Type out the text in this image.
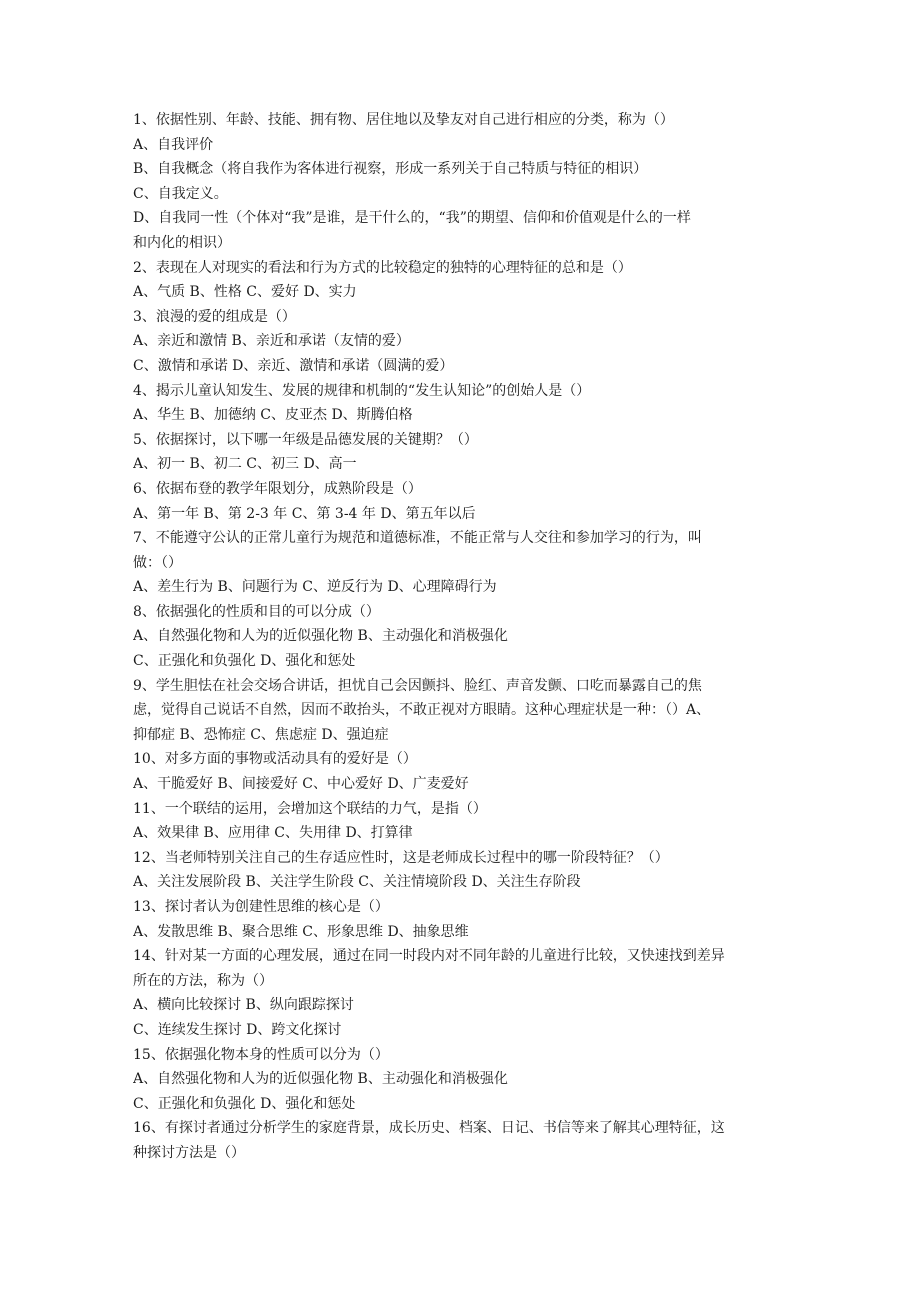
1、依据性别、年龄、技能、拥有物、居住地以及挚友对自己进行相应的分类，称为（）
A、自我评价
B、自我概念（将自我作为客体进行视察，形成一系列关于自己特质与特征的相识）
C、自我定义。
D、自我同一性（个体对“我”是谁，是干什么的，“我”的期望、信仰和价值观是什么的一样
和内化的相识）
2、表现在人对现实的看法和行为方式的比较稳定的独特的心理特征的总和是（）
A、气质 B、性格 C、爱好 D、实力
3、浪漫的爱的组成是（）
A、亲近和激情 B、亲近和承诺（友情的爱）
C、激情和承诺 D、亲近、激情和承诺（圆满的爱）
4、揭示儿童认知发生、发展的规律和机制的“发生认知论”的创始人是（）
A、华生 B、加德纳 C、皮亚杰 D、斯腾伯格
5、依据探讨，以下哪一年级是品德发展的关键期？（）
A、初一 B、初二 C、初三 D、高一
6、依据布登的教学年限划分，成熟阶段是（）
A、第一年 B、第 2-3 年 C、第 3-4 年 D、第五年以后
7、不能遵守公认的正常儿童行为规范和道德标准，不能正常与人交往和参加学习的行为，叫
做：（）
A、差生行为 B、问题行为 C、逆反行为 D、心理障碍行为
8、依据强化的性质和目的可以分成（）
A、自然强化物和人为的近似强化物 B、主动强化和消极强化
C、正强化和负强化 D、强化和惩处
9、学生胆怯在社会交场合讲话，担忧自己会因颤抖、脸红、声音发颤、口吃而暴露自己的焦
虑，觉得自己说话不自然，因而不敢抬头，不敢正视对方眼睛。这种心理症状是一种：（）A、
抑郁症 B、恐怖症 C、焦虑症 D、强迫症
10、对多方面的事物或活动具有的爱好是（）
A、干脆爱好 B、间接爱好 C、中心爱好 D、广麦爱好
11、一个联结的运用，会增加这个联结的力气，是指（）
A、效果律 B、应用律 C、失用律 D、打算律
12、当老师特别关注自己的生存适应性时，这是老师成长过程中的哪一阶段特征？（）
A、关注发展阶段 B、关注学生阶段 C、关注情境阶段 D、关注生存阶段
13、探讨者认为创建性思维的核心是（）
A、发散思维 B、聚合思维 C、形象思维 D、抽象思维
14、针对某一方面的心理发展，通过在同一时段内对不同年龄的儿童进行比较，又快速找到差异
所在的方法，称为（）
A、横向比较探讨 B、纵向跟踪探讨
C、连续发生探讨 D、跨文化探讨
15、依据强化物本身的性质可以分为（）
A、自然强化物和人为的近似强化物 B、主动强化和消极强化
C、正强化和负强化 D、强化和惩处
16、有探讨者通过分析学生的家庭背景，成长历史、档案、日记、书信等来了解其心理特征，这
种探讨方法是（）
